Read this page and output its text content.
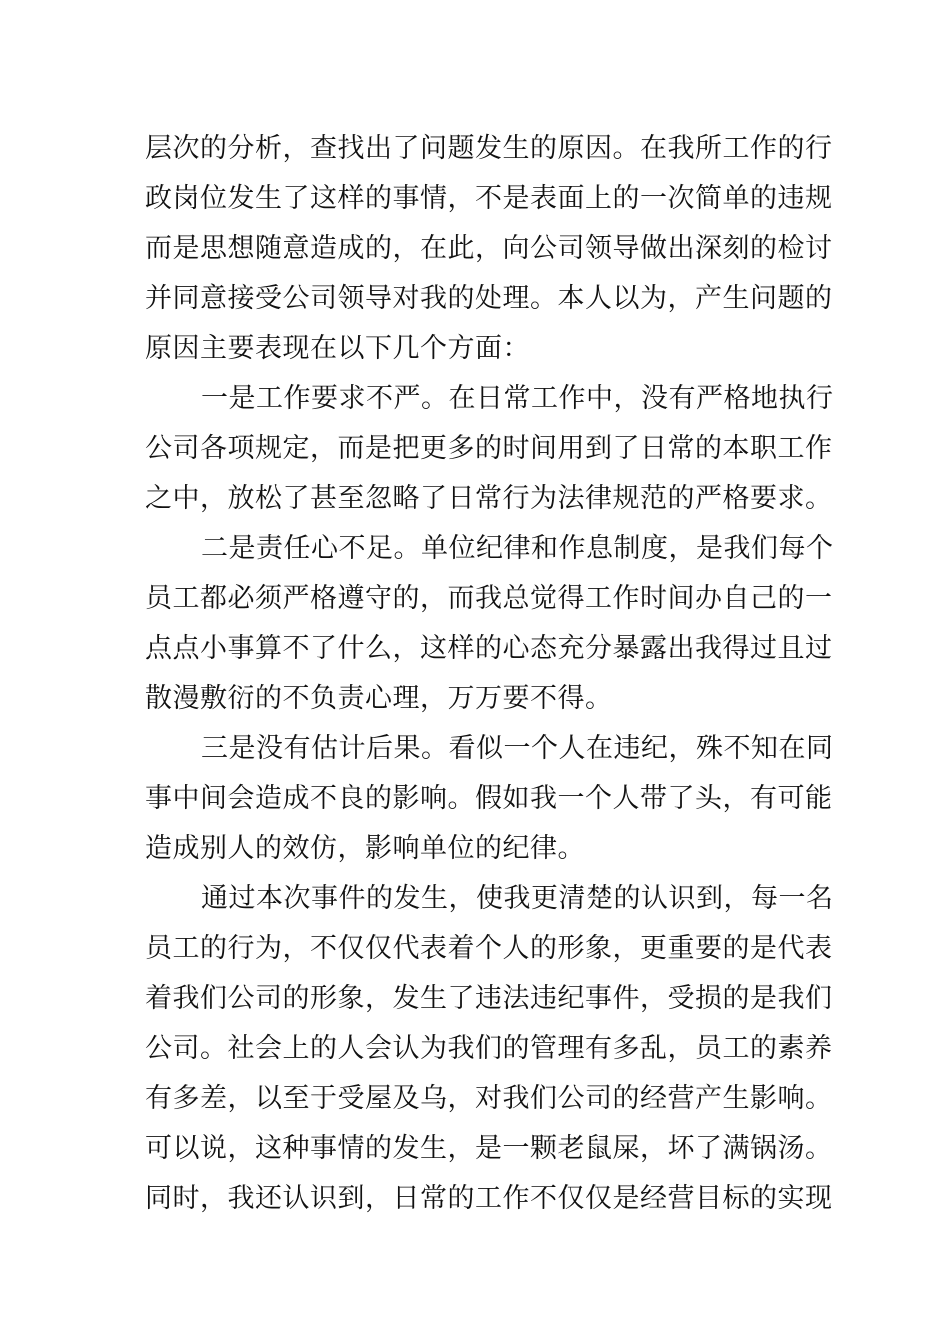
层次的分析，查找出了问题发生的原因。在我所工作的行
政岗位发生了这样的事情，不是表面上的一次简单的违规
而是思想随意造成的，在此，向公司领导做出深刻的检讨
并同意接受公司领导对我的处理。本人以为，产生问题的
原因主要表现在以下几个方面：
一是工作要求不严。在日常工作中，没有严格地执行
公司各项规定，而是把更多的时间用到了日常的本职工作
之中，放松了甚至忽略了日常行为法律规范的严格要求。
二是责任心不足。单位纪律和作息制度，是我们每个
员工都必须严格遵守的，而我总觉得工作时间办自己的一
点点小事算不了什么，这样的心态充分暴露出我得过且过
散漫敷衍的不负责心理，万万要不得。
三是没有估计后果。看似一个人在违纪，殊不知在同
事中间会造成不良的影响。假如我一个人带了头，有可能
造成别人的效仿，影响单位的纪律。
通过本次事件的发生，使我更清楚的认识到，每一名
员工的行为，不仅仅代表着个人的形象，更重要的是代表
着我们公司的形象，发生了违法违纪事件，受损的是我们
公司。社会上的人会认为我们的管理有多乱，员工的素养
有多差，以至于受屋及乌，对我们公司的经营产生影响。
可以说，这种事情的发生，是一颗老鼠屎，坏了满锅汤。
同时，我还认识到，日常的工作不仅仅是经营目标的实现
